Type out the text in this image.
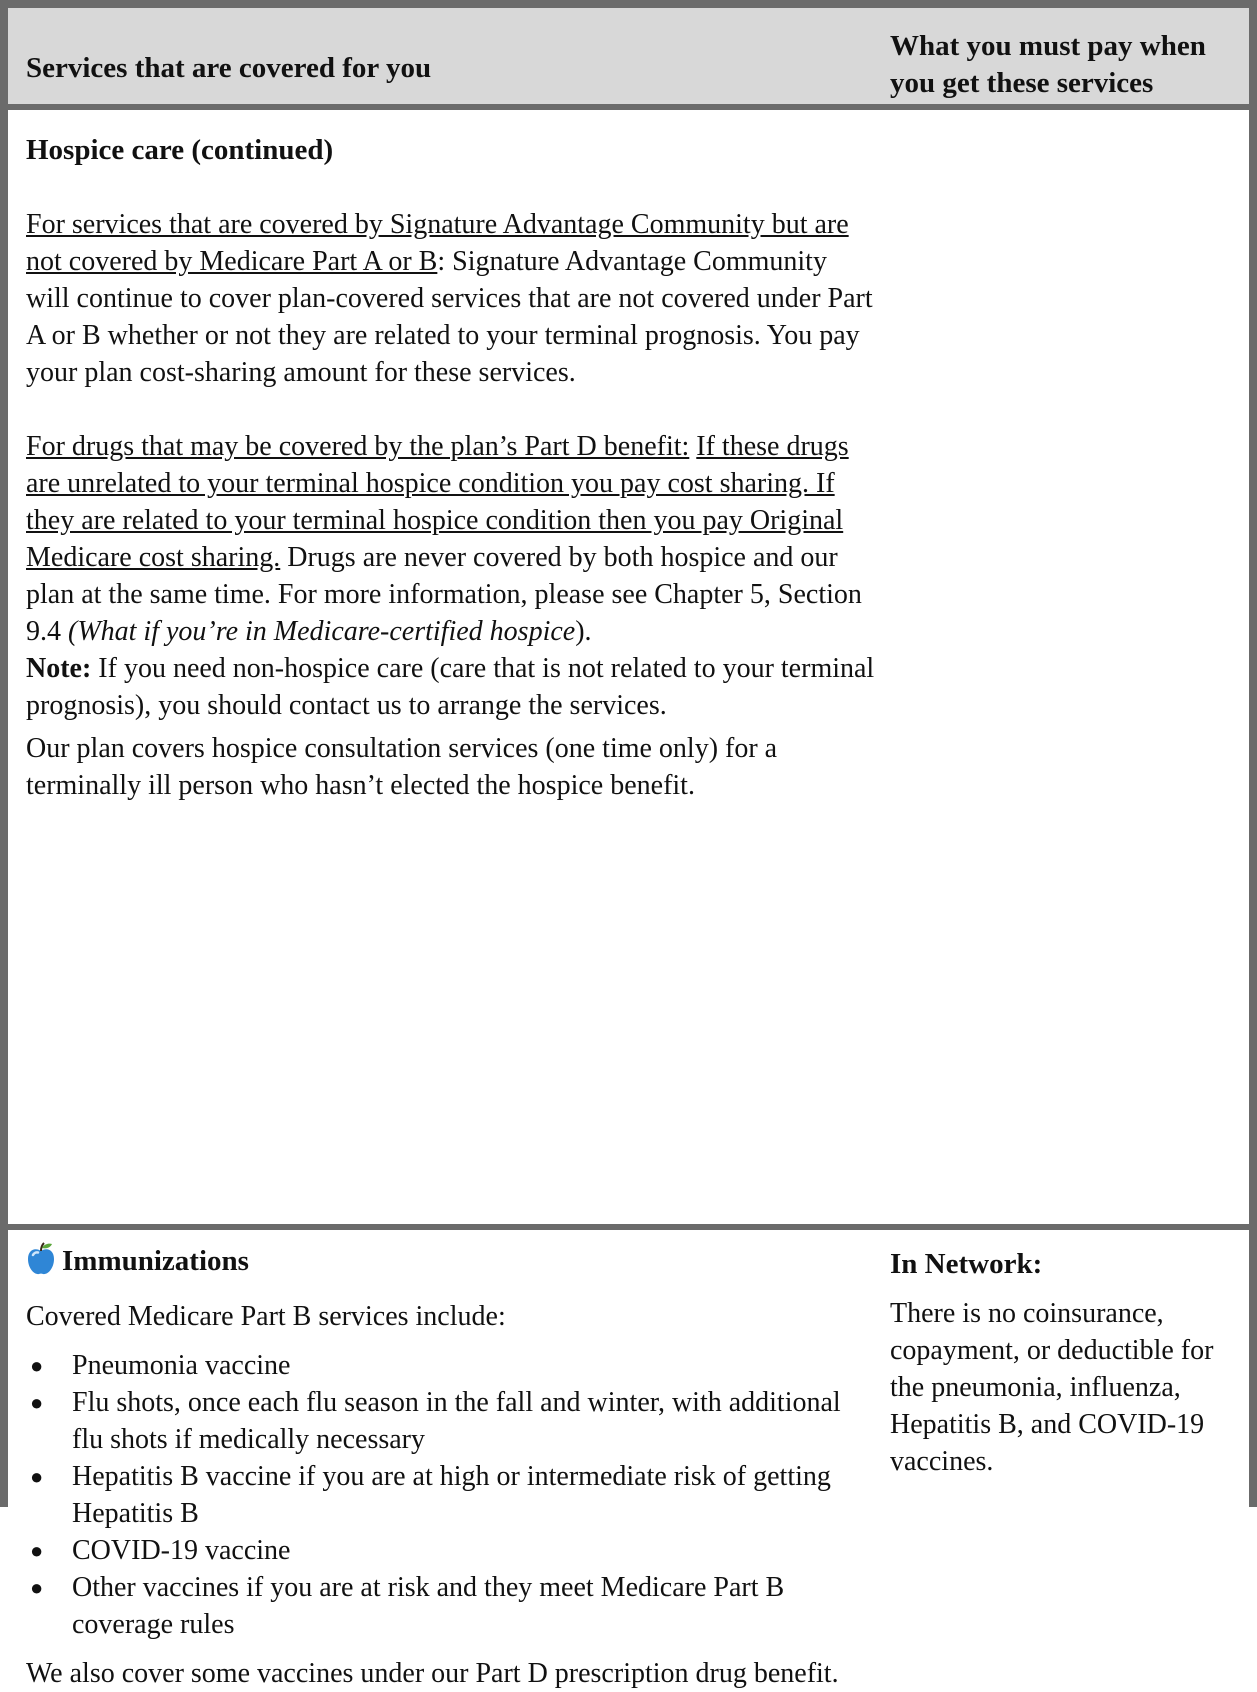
Services that are covered for you
What you must pay when
you get these services

Hospice care (continued)

For services that are covered by Signature Advantage Community but are not covered by Medicare Part A or B: Signature Advantage Community will continue to cover plan-covered services that are not covered under Part A or B whether or not they are related to your terminal prognosis. You pay your plan cost-sharing amount for these services.

For drugs that may be covered by the plan’s Part D benefit: If these drugs are unrelated to your terminal hospice condition you pay cost sharing. If they are related to your terminal hospice condition then you pay Original Medicare cost sharing. Drugs are never covered by both hospice and our plan at the same time. For more information, please see Chapter 5, Section 9.4 (What if you’re in Medicare-certified hospice).

Note: If you need non-hospice care (care that is not related to your terminal prognosis), you should contact us to arrange the services.

Our plan covers hospice consultation services (one time only) for a terminally ill person who hasn’t elected the hospice benefit.

Immunizations

Covered Medicare Part B services include:

● Pneumonia vaccine
● Flu shots, once each flu season in the fall and winter, with additional flu shots if medically necessary
● Hepatitis B vaccine if you are at high or intermediate risk of getting Hepatitis B
● COVID-19 vaccine
● Other vaccines if you are at risk and they meet Medicare Part B coverage rules

We also cover some vaccines under our Part D prescription drug benefit.

In Network:

There is no coinsurance, copayment, or deductible for the pneumonia, influenza, Hepatitis B, and COVID-19 vaccines.
